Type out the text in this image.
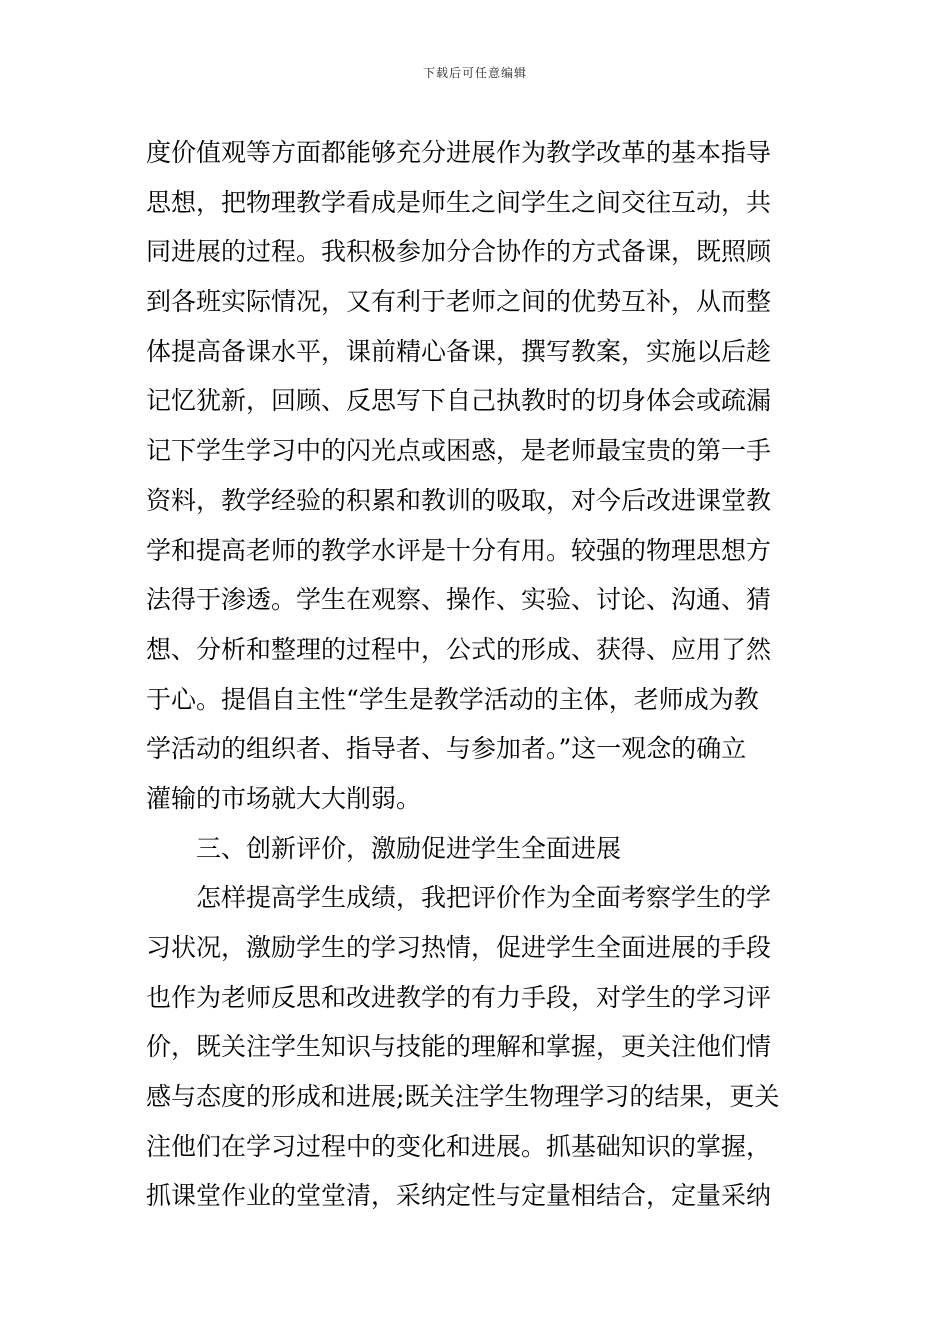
下载后可任意编辑
度价值观等方面都能够充分进展作为教学改革的基本指导
思想，把物理教学看成是师生之间学生之间交往互动，共
同进展的过程。我积极参加分合协作的方式备课，既照顾
到各班实际情况，又有利于老师之间的优势互补，从而整
体提高备课水平，课前精心备课，撰写教案，实施以后趁
记忆犹新，回顾、反思写下自己执教时的切身体会或疏漏
记下学生学习中的闪光点或困惑，是老师最宝贵的第一手
资料，教学经验的积累和教训的吸取，对今后改进课堂教
学和提高老师的教学水评是十分有用。较强的物理思想方
法得于渗透。学生在观察、操作、实验、讨论、沟通、猜
想、分析和整理的过程中，公式的形成、获得、应用了然
于心。提倡自主性“学生是教学活动的主体，老师成为教
学活动的组织者、指导者、与参加者。”这一观念的确立
灌输的市场就大大削弱。
三、创新评价，激励促进学生全面进展
怎样提高学生成绩，我把评价作为全面考察学生的学
习状况，激励学生的学习热情，促进学生全面进展的手段
也作为老师反思和改进教学的有力手段，对学生的学习评
价，既关注学生知识与技能的理解和掌握，更关注他们情
感与态度的形成和进展;既关注学生物理学习的结果，更关
注他们在学习过程中的变化和进展。抓基础知识的掌握，
抓课堂作业的堂堂清，采纳定性与定量相结合，定量采纳
